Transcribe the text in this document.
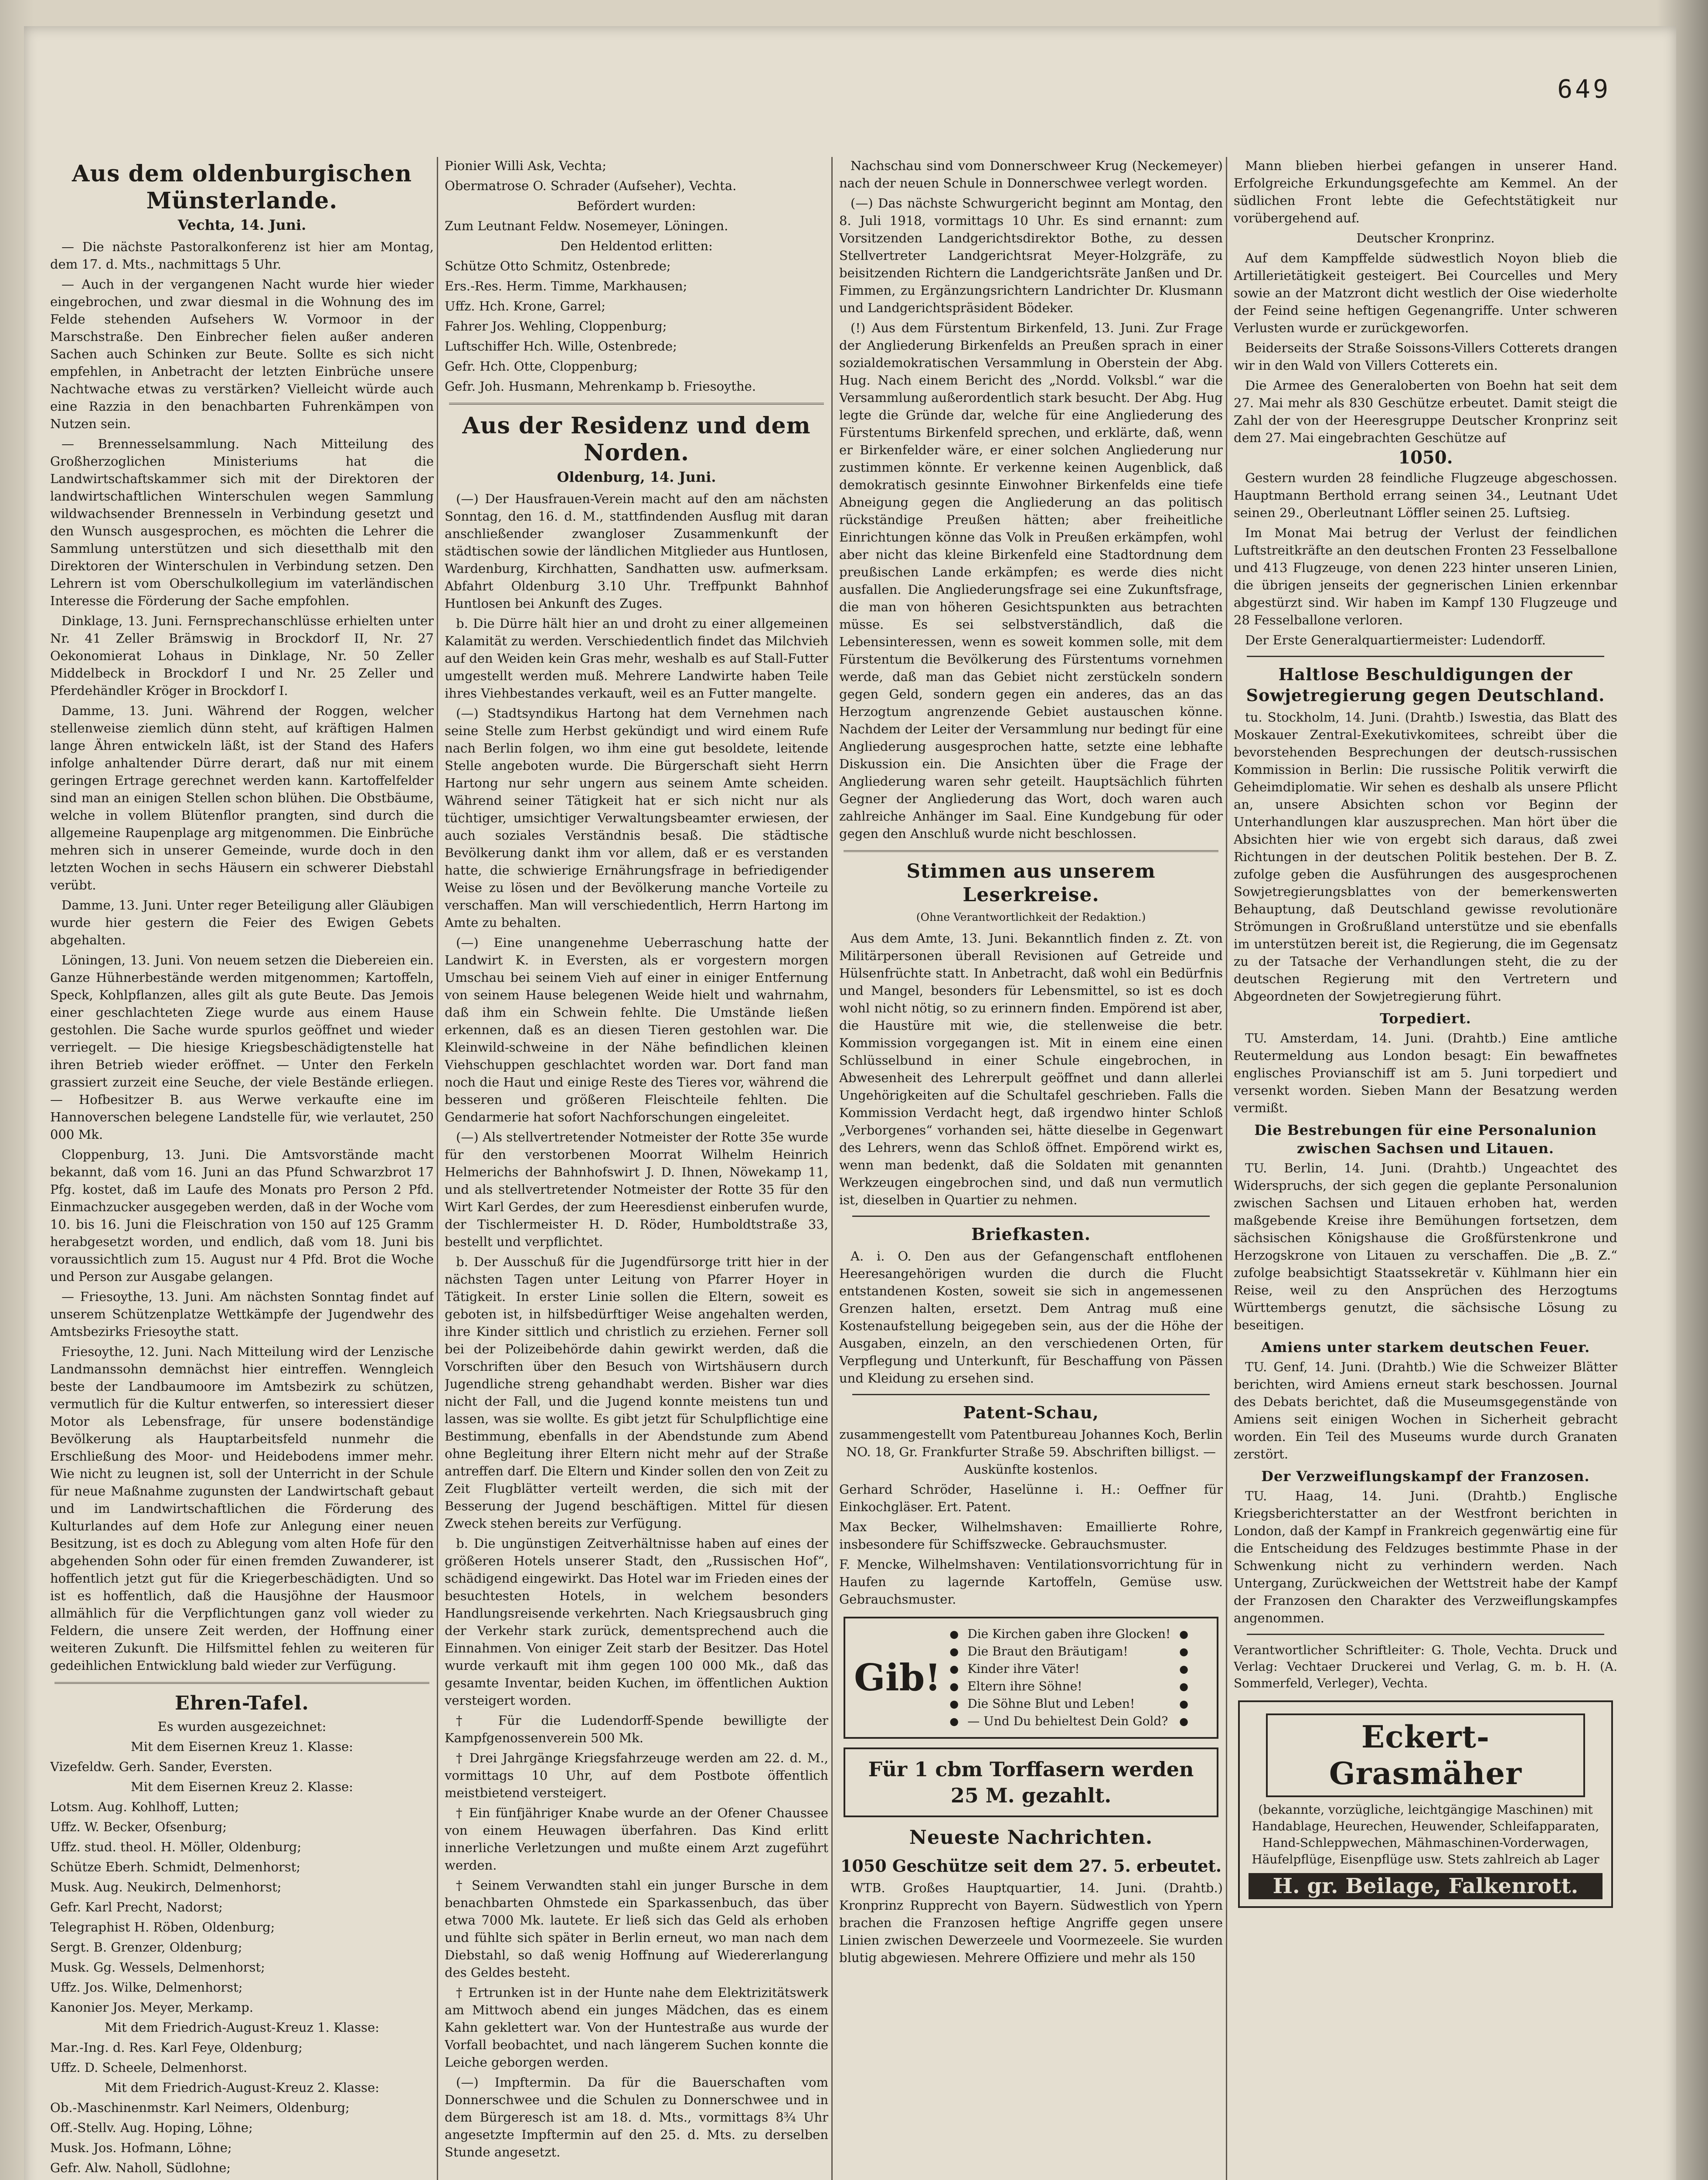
649
Aus dem oldenburgischen Münsterlande.
Vechta, 14. Juni.

— Die nächste Pastoralkonferenz ist hier am Montag, dem 17. d. Mts., nachmittags 5 Uhr.

— Auch in der vergangenen Nacht wurde hier wieder eingebrochen, und zwar diesmal in die Wohnung des im Felde stehenden Aufsehers W. Vormoor in der Marschstraße. Den Einbrecher fielen außer anderen Sachen auch Schinken zur Beute. Sollte es sich nicht empfehlen, in Anbetracht der letzten Einbrüche unsere Nachtwache etwas zu verstärken? Vielleicht würde auch eine Razzia in den benachbarten Fuhrenkämpen von Nutzen sein.

— Brennesselsammlung. Nach Mitteilung des Großherzoglichen Ministeriums hat die Landwirtschaftskammer sich mit der Direktoren der landwirtschaftlichen Winterschulen wegen Sammlung wildwachsender Brennesseln in Verbindung gesetzt und den Wunsch ausgesprochen, es möchten die Lehrer die Sammlung unterstützen und sich diesetthalb mit den Direktoren der Winterschulen in Verbindung setzen. Den Lehrern ist vom Oberschulkollegium im vaterländischen Interesse die Förderung der Sache empfohlen.

Dinklage, 13. Juni. Fernsprechanschlüsse erhielten unter Nr. 41 Zeller Brämswig in Brockdorf II, Nr. 27 Oekonomierat Lohaus in Dinklage, Nr. 50 Zeller Middelbeck in Brockdorf I und Nr. 25 Zeller und Pferdehändler Kröger in Brockdorf I.

Damme, 13. Juni. Während der Roggen, welcher stellenweise ziemlich dünn steht, auf kräftigen Halmen lange Ähren entwickeln läßt, ist der Stand des Hafers infolge anhaltender Dürre derart, daß nur mit einem geringen Ertrage gerechnet werden kann. Kartoffelfelder sind man an einigen Stellen schon blühen. Die Obstbäume, welche in vollem Blütenflor prangten, sind durch die allgemeine Raupenplage arg mitgenommen. Die Einbrüche mehren sich in unserer Gemeinde, wurde doch in den letzten Wochen in sechs Häusern ein schwerer Diebstahl verübt.

Damme, 13. Juni. Unter reger Beteiligung aller Gläubigen wurde hier gestern die Feier des Ewigen Gebets abgehalten.

Löningen, 13. Juni. Von neuem setzen die Diebereien ein. Ganze Hühnerbestände werden mitgenommen; Kartoffeln, Speck, Kohlpflanzen, alles gilt als gute Beute. Das Jemois einer geschlachteten Ziege wurde aus einem Hause gestohlen. Die Sache wurde spurlos geöffnet und wieder verriegelt. — Die hiesige Kriegsbeschädigtenstelle hat ihren Betrieb wieder eröffnet. — Unter den Ferkeln grassiert zurzeit eine Seuche, der viele Bestände erliegen. — Hofbesitzer B. aus Werwe verkaufte eine im Hannoverschen belegene Landstelle für, wie verlautet, 250 000 Mk.

Cloppenburg, 13. Juni. Die Amtsvorstände macht bekannt, daß vom 16. Juni an das Pfund Schwarzbrot 17 Pfg. kostet, daß im Laufe des Monats pro Person 2 Pfd. Einmachzucker ausgegeben werden, daß in der Woche vom 10. bis 16. Juni die Fleischration von 150 auf 125 Gramm herabgesetzt worden, und endlich, daß vom 18. Juni bis voraussichtlich zum 15. August nur 4 Pfd. Brot die Woche und Person zur Ausgabe gelangen.

— Friesoythe, 13. Juni. Am nächsten Sonntag findet auf unserem Schützenplatze Wettkämpfe der Jugendwehr des Amtsbezirks Friesoythe statt.

Friesoythe, 12. Juni. Nach Mitteilung wird der Lenzische Landmanssohn demnächst hier eintreffen. Wenngleich beste der Landbaumoore im Amtsbezirk zu schützen, vermutlich für die Kultur entwerfen, so interessiert dieser Motor als Lebensfrage, für unsere bodenständige Bevölkerung als Hauptarbeitsfeld nunmehr die Erschließung des Moor- und Heidebodens immer mehr. Wie nicht zu leugnen ist, soll der Unterricht in der Schule für neue Maßnahme zugunsten der Landwirtschaft gebaut und im Landwirtschaftlichen die Förderung des Kulturlandes auf dem Hofe zur Anlegung einer neuen Besitzung, ist es doch zu Ablegung vom alten Hofe für den abgehenden Sohn oder für einen fremden Zuwanderer, ist hoffentlich jetzt gut für die Kriegerbeschädigten. Und so ist es hoffentlich, daß die Hausjöhne der Hausmoor allmählich für die Verpflichtungen ganz voll wieder zu Feldern, die unsere Zeit werden, der Hoffnung einer weiteren Zukunft. Die Hilfsmittel fehlen zu weiteren für gedeihlichen Entwicklung bald wieder zur Verfügung.

Ehren-Tafel.

Es wurden ausgezeichnet:

Mit dem Eisernen Kreuz 1. Klasse:

Vizefeldw. Gerh. Sander, Eversten.

Mit dem Eisernen Kreuz 2. Klasse:

Lotsm. Aug. Kohlhoff, Lutten;

Uffz. W. Becker, Ofsenburg;

Uffz. stud. theol. H. Möller, Oldenburg;

Schütze Eberh. Schmidt, Delmenhorst;

Musk. Aug. Neukirch, Delmenhorst;

Gefr. Karl Precht, Nadorst;

Telegraphist H. Röben, Oldenburg;

Sergt. B. Grenzer, Oldenburg;

Musk. Gg. Wessels, Delmenhorst;

Uffz. Jos. Wilke, Delmenhorst;

Kanonier Jos. Meyer, Merkamp.

Mit dem Friedrich-August-Kreuz 1. Klasse:

Mar.-Ing. d. Res. Karl Feye, Oldenburg;

Uffz. D. Scheele, Delmenhorst.

Mit dem Friedrich-August-Kreuz 2. Klasse:

Ob.-Maschinenmstr. Karl Neimers, Oldenburg;

Off.-Stellv. Aug. Hoping, Löhne;

Musk. Jos. Hofmann, Löhne;

Gefr. Alw. Naholl, Südlohne;

Pionier Willi Ask, Vechta;

Obermatrose O. Schrader (Aufseher), Vechta.

Befördert wurden:

Zum Leutnant Feldw. Nosemeyer, Löningen.

Den Heldentod erlitten:

Schütze Otto Schmitz, Ostenbrede;

Ers.-Res. Herm. Timme, Markhausen;

Uffz. Hch. Krone, Garrel;

Fahrer Jos. Wehling, Cloppenburg;

Luftschiffer Hch. Wille, Ostenbrede;

Gefr. Hch. Otte, Cloppenburg;

Gefr. Joh. Husmann, Mehrenkamp b. Friesoythe.

Aus der Residenz und dem Norden.
Oldenburg, 14. Juni.

(—) Der Hausfrauen-Verein macht auf den am nächsten Sonntag, den 16. d. M., stattfindenden Ausflug mit daran anschließender zwangloser Zusammenkunft der städtischen sowie der ländlichen Mitglieder aus Huntlosen, Wardenburg, Kirchhatten, Sandhatten usw. aufmerksam. Abfahrt Oldenburg 3.10 Uhr. Treffpunkt Bahnhof Huntlosen bei Ankunft des Zuges.

b. Die Dürre hält hier an und droht zu einer allgemeinen Kalamität zu werden. Verschiedentlich findet das Milchvieh auf den Weiden kein Gras mehr, weshalb es auf Stall-Futter umgestellt werden muß. Mehrere Landwirte haben Teile ihres Viehbestandes verkauft, weil es an Futter mangelte.

(—) Stadtsyndikus Hartong hat dem Vernehmen nach seine Stelle zum Herbst gekündigt und wird einem Rufe nach Berlin folgen, wo ihm eine gut besoldete, leitende Stelle angeboten wurde. Die Bürgerschaft sieht Herrn Hartong nur sehr ungern aus seinem Amte scheiden. Während seiner Tätigkeit hat er sich nicht nur als tüchtiger, umsichtiger Verwaltungsbeamter erwiesen, der auch soziales Verständnis besaß. Die städtische Bevölkerung dankt ihm vor allem, daß er es verstanden hatte, die schwierige Ernährungsfrage in befriedigender Weise zu lösen und der Bevölkerung manche Vorteile zu verschaffen. Man will verschiedentlich, Herrn Hartong im Amte zu behalten.

(—) Eine unangenehme Ueberraschung hatte der Landwirt K. in Eversten, als er vorgestern morgen Umschau bei seinem Vieh auf einer in einiger Entfernung von seinem Hause belegenen Weide hielt und wahrnahm, daß ihm ein Schwein fehlte. Die Umstände ließen erkennen, daß es an diesen Tieren gestohlen war. Die Kleinwild-schweine in der Nähe befindlichen kleinen Viehschuppen geschlachtet worden war. Dort fand man noch die Haut und einige Reste des Tieres vor, während die besseren und größeren Fleischteile fehlten. Die Gendarmerie hat sofort Nachforschungen eingeleitet.

(—) Als stellvertretender Notmeister der Rotte 35e wurde für den verstorbenen Moorrat Wilhelm Heinrich Helmerichs der Bahnhofswirt J. D. Ihnen, Nöwekamp 11, und als stellvertretender Notmeister der Rotte 35 für den Wirt Karl Gerdes, der zum Heeresdienst einberufen wurde, der Tischlermeister H. D. Röder, Humboldtstraße 33, bestellt und verpflichtet.

b. Der Ausschuß für die Jugendfürsorge tritt hier in der nächsten Tagen unter Leitung von Pfarrer Hoyer in Tätigkeit. In erster Linie sollen die Eltern, soweit es geboten ist, in hilfsbedürftiger Weise angehalten werden, ihre Kinder sittlich und christlich zu erziehen. Ferner soll bei der Polizeibehörde dahin gewirkt werden, daß die Vorschriften über den Besuch von Wirtshäusern durch Jugendliche streng gehandhabt werden. Bisher war dies nicht der Fall, und die Jugend konnte meistens tun und lassen, was sie wollte. Es gibt jetzt für Schulpflichtige eine Bestimmung, ebenfalls in der Abendstunde zum Abend ohne Begleitung ihrer Eltern nicht mehr auf der Straße antreffen darf. Die Eltern und Kinder sollen den von Zeit zu Zeit Flugblätter verteilt werden, die sich mit der Besserung der Jugend beschäftigen. Mittel für diesen Zweck stehen bereits zur Verfügung.

b. Die ungünstigen Zeitverhältnisse haben auf eines der größeren Hotels unserer Stadt, den „Russischen Hof“, schädigend eingewirkt. Das Hotel war im Frieden eines der besuchtesten Hotels, in welchem besonders Handlungsreisende verkehrten. Nach Kriegsausbruch ging der Verkehr stark zurück, dementsprechend auch die Einnahmen. Von einiger Zeit starb der Besitzer. Das Hotel wurde verkauft mit ihm gegen 100 000 Mk., daß das gesamte Inventar, beiden Kuchen, im öffentlichen Auktion versteigert worden.

† Für die Ludendorff-Spende bewilligte der Kampfgenossenverein 500 Mk.

† Drei Jahrgänge Kriegsfahrzeuge werden am 22. d. M., vormittags 10 Uhr, auf dem Postbote öffentlich meistbietend versteigert.

† Ein fünfjähriger Knabe wurde an der Ofener Chaussee von einem Heuwagen überfahren. Das Kind erlitt innerliche Verletzungen und mußte einem Arzt zugeführt werden.

† Seinem Verwandten stahl ein junger Bursche in dem benachbarten Ohmstede ein Sparkassenbuch, das über etwa 7000 Mk. lautete. Er ließ sich das Geld als erhoben und fühlte sich später in Berlin erneut, wo man nach dem Diebstahl, so daß wenig Hoffnung auf Wiedererlangung des Geldes besteht.

† Ertrunken ist in der Hunte nahe dem Elektrizitätswerk am Mittwoch abend ein junges Mädchen, das es einem Kahn geklettert war. Von der Huntestraße aus wurde der Vorfall beobachtet, und nach längerem Suchen konnte die Leiche geborgen werden.

(—) Impftermin. Da für die Bauerschaften vom Donnerschwee und die Schulen zu Donnerschwee und in dem Bürgeresch ist am 18. d. Mts., vormittags 8¾ Uhr angesetzte Impftermin auf den 25. d. Mts. zu derselben Stunde angesetzt.

Nachschau sind vom Donnerschweer Krug (Neckemeyer) nach der neuen Schule in Donnerschwee verlegt worden.

(—) Das nächste Schwurgericht beginnt am Montag, den 8. Juli 1918, vormittags 10 Uhr. Es sind ernannt: zum Vorsitzenden Landgerichtsdirektor Bothe, zu dessen Stellvertreter Landgerichtsrat Meyer-Holzgräfe, zu beisitzenden Richtern die Landgerichtsräte Janßen und Dr. Fimmen, zu Ergänzungsrichtern Landrichter Dr. Klusmann und Landgerichtspräsident Bödeker.

(!) Aus dem Fürstentum Birkenfeld, 13. Juni. Zur Frage der Angliederung Birkenfelds an Preußen sprach in einer sozialdemokratischen Versammlung in Oberstein der Abg. Hug. Nach einem Bericht des „Nordd. Volksbl.“ war die Versammlung außerordentlich stark besucht. Der Abg. Hug legte die Gründe dar, welche für eine Angliederung des Fürstentums Birkenfeld sprechen, und erklärte, daß, wenn er Birkenfelder wäre, er einer solchen Angliederung nur zustimmen könnte. Er verkenne keinen Augenblick, daß demokratisch gesinnte Einwohner Birkenfelds eine tiefe Abneigung gegen die Angliederung an das politisch rückständige Preußen hätten; aber freiheitliche Einrichtungen könne das Volk in Preußen erkämpfen, wohl aber nicht das kleine Birkenfeld eine Stadtordnung dem preußischen Lande erkämpfen; es werde dies nicht ausfallen. Die Angliederungsfrage sei eine Zukunftsfrage, die man von höheren Gesichtspunkten aus betrachten müsse. Es sei selbstverständlich, daß die Lebensinteressen, wenn es soweit kommen solle, mit dem Fürstentum die Bevölkerung des Fürstentums vornehmen werde, daß man das Gebiet nicht zerstückeln sondern gegen Geld, sondern gegen ein anderes, das an das Herzogtum angrenzende Gebiet austauschen könne. Nachdem der Leiter der Versammlung nur bedingt für eine Angliederung ausgesprochen hatte, setzte eine lebhafte Diskussion ein. Die Ansichten über die Frage der Angliederung waren sehr geteilt. Hauptsächlich führten Gegner der Angliederung das Wort, doch waren auch zahlreiche Anhänger im Saal. Eine Kundgebung für oder gegen den Anschluß wurde nicht beschlossen.

Stimmen aus unserem Leserkreise.
(Ohne Verantwortlichkeit der Redaktion.)

Aus dem Amte, 13. Juni. Bekanntlich finden z. Zt. von Militärpersonen überall Revisionen auf Getreide und Hülsenfrüchte statt. In Anbetracht, daß wohl ein Bedürfnis und Mangel, besonders für Lebensmittel, so ist es doch wohl nicht nötig, so zu erinnern finden. Empörend ist aber, die Haustüre mit wie, die stellenweise die betr. Kommission vorgegangen ist. Mit in einem eine einen Schlüsselbund in einer Schule eingebrochen, in Abwesenheit des Lehrerpult geöffnet und dann allerlei Ungehörigkeiten auf die Schultafel geschrieben. Falls die Kommission Verdacht hegt, daß irgendwo hinter Schloß „Verborgenes“ vorhanden sei, hätte dieselbe in Gegenwart des Lehrers, wenn das Schloß öffnet. Empörend wirkt es, wenn man bedenkt, daß die Soldaten mit genannten Werkzeugen eingebrochen sind, und daß nun vermutlich ist, dieselben in Quartier zu nehmen.

Briefkasten.

A. i. O. Den aus der Gefangenschaft entflohenen Heeresangehörigen wurden die durch die Flucht entstandenen Kosten, soweit sie sich in angemessenen Grenzen halten, ersetzt. Dem Antrag muß eine Kostenaufstellung beigegeben sein, aus der die Höhe der Ausgaben, einzeln, an den verschiedenen Orten, für Verpflegung und Unterkunft, für Beschaffung von Pässen und Kleidung zu ersehen sind.

Patent-Schau,

zusammengestellt vom Patentbureau Johannes Koch, Berlin NO. 18, Gr. Frankfurter Straße 59. Abschriften billigst. — Auskünfte kostenlos.

Gerhard Schröder, Haselünne i. H.: Oeffner für Einkochgläser. Ert. Patent.

Max Becker, Wilhelmshaven: Emaillierte Rohre, insbesondere für Schiffszwecke. Gebrauchsmuster.

F. Mencke, Wilhelmshaven: Ventilationsvorrichtung für in Haufen zu lagernde Kartoffeln, Gemüse usw. Gebrauchsmuster.

Gib!
●
●
●
●
●
●
Die Kirchen gaben ihre Glocken!
Die Braut den Bräutigam!
Kinder ihre Väter!
Eltern ihre Söhne!
Die Söhne Blut und Leben!
— Und Du behieltest Dein Gold?
●
●
●
●
●
●
Für 1 cbm Torffasern werden 25 M. gezahlt.
Neueste Nachrichten.
1050 Geschütze seit dem 27. 5. erbeutet.

WTB. Großes Hauptquartier, 14. Juni. (Drahtb.) Kronprinz Rupprecht von Bayern. Südwestlich von Ypern brachen die Franzosen heftige Angriffe gegen unsere Linien zwischen Dewerzeele und Voormezeele. Sie wurden blutig abgewiesen. Mehrere Offiziere und mehr als 150

Mann blieben hierbei gefangen in unserer Hand. Erfolgreiche Erkundungsgefechte am Kemmel. An der südlichen Front lebte die Gefechtstätigkeit nur vorübergehend auf.

Deutscher Kronprinz.

Auf dem Kampffelde südwestlich Noyon blieb die Artillerietätigkeit gesteigert. Bei Courcelles und Mery sowie an der Matzront dicht westlich der Oise wiederholte der Feind seine heftigen Gegenangriffe. Unter schweren Verlusten wurde er zurückgeworfen.

Beiderseits der Straße Soissons-Villers Cotterets drangen wir in den Wald von Villers Cotterets ein.

Die Armee des Generaloberten von Boehn hat seit dem 27. Mai mehr als 830 Geschütze erbeutet. Damit steigt die Zahl der von der Heeresgruppe Deutscher Kronprinz seit dem 27. Mai eingebrachten Geschütze auf

1050.

Gestern wurden 28 feindliche Flugzeuge abgeschossen. Hauptmann Berthold errang seinen 34., Leutnant Udet seinen 29., Oberleutnant Löffler seinen 25. Luftsieg.

Im Monat Mai betrug der Verlust der feindlichen Luftstreitkräfte an den deutschen Fronten 23 Fesselballone und 413 Flugzeuge, von denen 223 hinter unseren Linien, die übrigen jenseits der gegnerischen Linien erkennbar abgestürzt sind. Wir haben im Kampf 130 Flugzeuge und 28 Fesselballone verloren.

Der Erste Generalquartiermeister: Ludendorff.

Haltlose Beschuldigungen der Sowjetregierung gegen Deutschland.

tu. Stockholm, 14. Juni. (Drahtb.) Iswestia, das Blatt des Moskauer Zentral-Exekutivkomitees, schreibt über die bevorstehenden Besprechungen der deutsch-russischen Kommission in Berlin: Die russische Politik verwirft die Geheimdiplomatie. Wir sehen es deshalb als unsere Pflicht an, unsere Absichten schon vor Beginn der Unterhandlungen klar auszusprechen. Man hört über die Absichten hier wie von ergebt sich daraus, daß zwei Richtungen in der deutschen Politik bestehen. Der B. Z. zufolge geben die Ausführungen des ausgesprochenen Sowjetregierungsblattes von der bemerkenswerten Behauptung, daß Deutschland gewisse revolutionäre Strömungen in Großrußland unterstütze und sie ebenfalls im unterstützen bereit ist, die Regierung, die im Gegensatz zu der Tatsache der Verhandlungen steht, die zu der deutschen Regierung mit den Vertretern und Abgeordneten der Sowjetregierung führt.

Torpediert.

TU. Amsterdam, 14. Juni. (Drahtb.) Eine amtliche Reutermeldung aus London besagt: Ein bewaffnetes englisches Provianschiff ist am 5. Juni torpediert und versenkt worden. Sieben Mann der Besatzung werden vermißt.

Die Bestrebungen für eine Personalunion zwischen Sachsen und Litauen.

TU. Berlin, 14. Juni. (Drahtb.) Ungeachtet des Widerspruchs, der sich gegen die geplante Personalunion zwischen Sachsen und Litauen erhoben hat, werden maßgebende Kreise ihre Bemühungen fortsetzen, dem sächsischen Königshause die Großfürstenkrone und Herzogskrone von Litauen zu verschaffen. Die „B. Z.“ zufolge beabsichtigt Staatssekretär v. Kühlmann hier ein Reise, weil zu den Ansprüchen des Herzogtums Württembergs genutzt, die sächsische Lösung zu beseitigen.

Amiens unter starkem deutschen Feuer.

TU. Genf, 14. Juni. (Drahtb.) Wie die Schweizer Blätter berichten, wird Amiens erneut stark beschossen. Journal des Debats berichtet, daß die Museumsgegenstände von Amiens seit einigen Wochen in Sicherheit gebracht worden. Ein Teil des Museums wurde durch Granaten zerstört.

Der Verzweiflungskampf der Franzosen.

TU. Haag, 14. Juni. (Drahtb.) Englische Kriegsberichterstatter an der Westfront berichten in London, daß der Kampf in Frankreich gegenwärtig eine für die Entscheidung des Feldzuges bestimmte Phase in der Schwenkung nicht zu verhindern werden. Nach Untergang, Zurückweichen der Wettstreit habe der Kampf der Franzosen den Charakter des Verzweiflungskampfes angenommen.

Verantwortlicher Schriftleiter: G. Thole, Vechta. Druck und Verlag: Vechtaer Druckerei und Verlag, G. m. b. H. (A. Sommerfeld, Verleger), Vechta.

Eckert-Grasmäher
(bekannte, vorzügliche, leichtgängige Maschinen) mit Handablage, Heurechen, Heuwender, Schleifapparaten, Hand-Schleppwechen, Mähmaschinen-Vorderwagen, Häufelpflüge, Eisenpflüge usw. Stets zahlreich ab Lager
H. gr. Beilage, Falkenrott.
